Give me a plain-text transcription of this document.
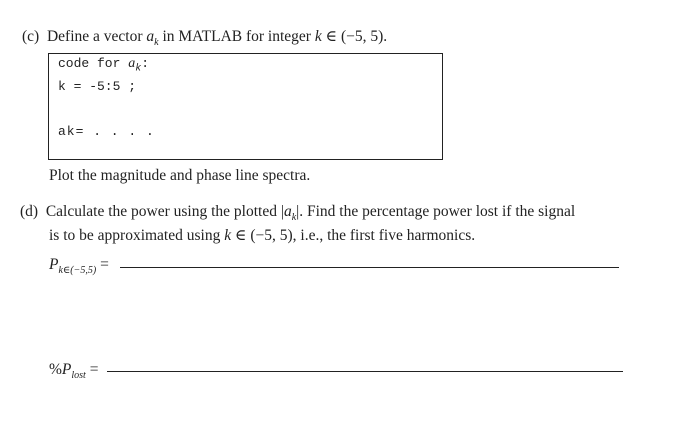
(c) Define a vector $a_k$ in MATLAB for integer k ∈ (−5, 5).
code for $a_k$:
k = -5:5 ;
ak= . . . .
Plot the magnitude and phase line spectra.
(d) Calculate the power using the plotted $|a_k|$. Find the percentage power lost if the signal
is to be approximated using k ∈ (−5, 5), i.e., the first five harmonics.
$P_{k\in(-5,5)}$ =
$\%P_{lost}$ =
